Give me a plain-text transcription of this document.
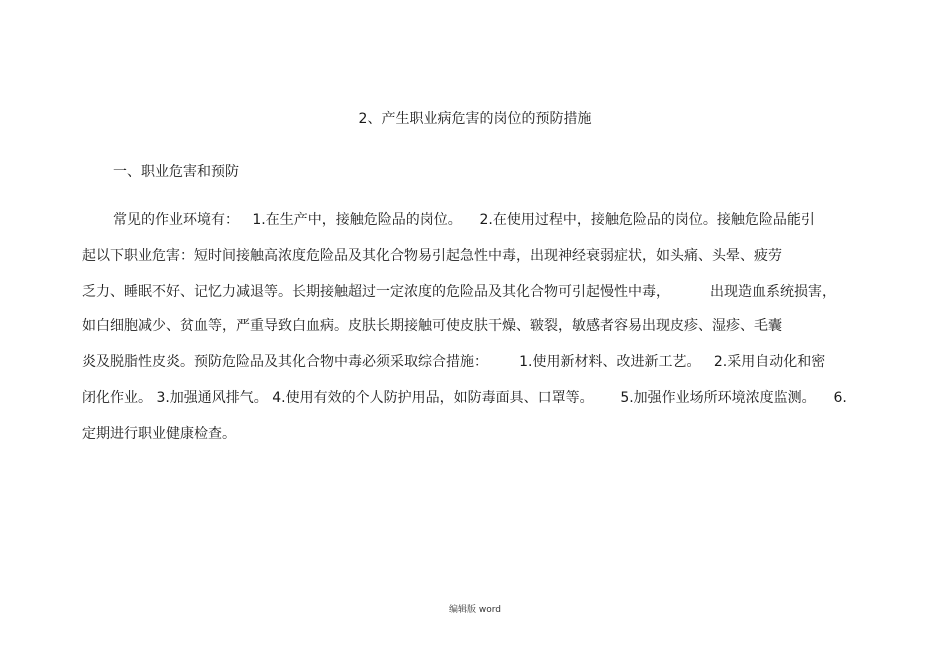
2、产生职业病危害的岗位的预防措施
一、职业危害和预防
常见的作业环境有：   1.在生产中，接触危险品的岗位。    2.在使用过程中，接触危险品的岗位。接触危险品能引
起以下职业危害：短时间接触高浓度危险品及其化合物易引起急性中毒，出现神经衰弱症状，如头痛、头晕、疲劳
乏力、睡眠不好、记忆力减退等。长期接触超过一定浓度的危险品及其化合物可引起慢性中毒，         出现造血系统损害，
如白细胞减少、贫血等，严重导致白血病。皮肤长期接触可使皮肤干燥、皲裂，敏感者容易出现皮疹、湿疹、毛囊
炎及脱脂性皮炎。预防危险品及其化合物中毒必须采取综合措施：       1.使用新材料、改进新工艺。   2.采用自动化和密
闭化作业。 3.加强通风排气。 4.使用有效的个人防护用品，如防毒面具、口罩等。      5.加强作业场所环境浓度监测。    6.
定期进行职业健康检查。
编辑版 word
